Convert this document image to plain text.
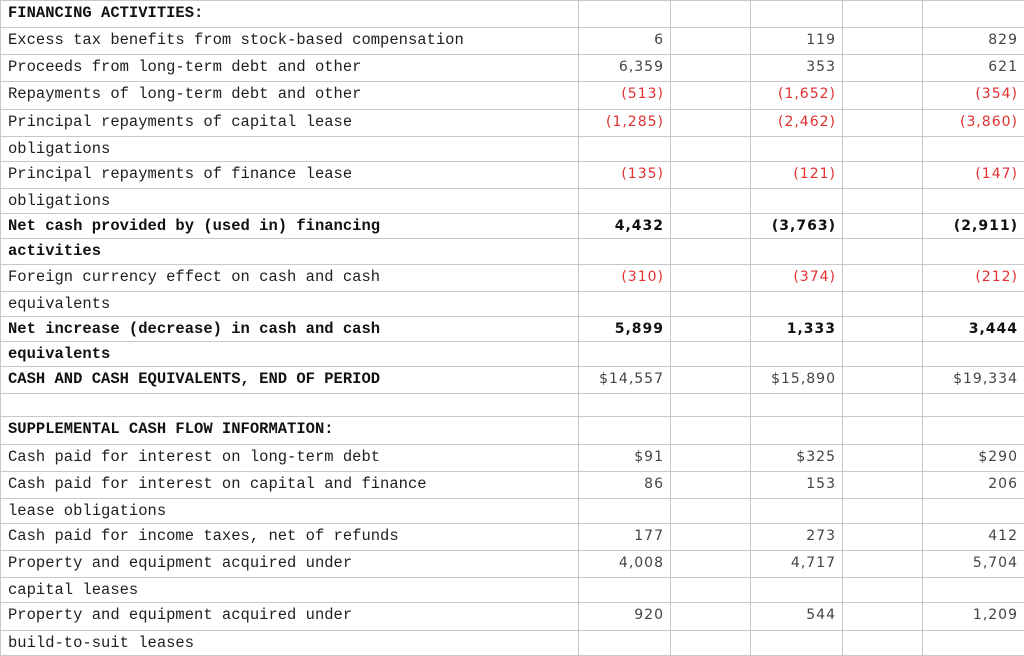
FINANCING ACTIVITIES:					
Excess tax benefits from stock-based compensation	6		119		829
Proceeds from long-term debt and other	6,359		353		621
Repayments of long-term debt and other	(513)		(1,652)		(354)
Principal repayments of capital lease	(1,285)		(2,462)		(3,860)
obligations					
Principal repayments of finance lease	(135)		(121)		(147)
obligations					
Net cash provided by (used in) financing	4,432		(3,763)		(2,911)
activities					
Foreign currency effect on cash and cash	(310)		(374)		(212)
equivalents					
Net increase (decrease) in cash and cash	5,899		1,333		3,444
equivalents					
CASH AND CASH EQUIVALENTS, END OF PERIOD	$14,557		$15,890		$19,334

SUPPLEMENTAL CASH FLOW INFORMATION:					
Cash paid for interest on long-term debt	$91		$325		$290
Cash paid for interest on capital and finance	86		153		206
lease obligations					
Cash paid for income taxes, net of refunds	177		273		412
Property and equipment acquired under	4,008		4,717		5,704
capital leases					
Property and equipment acquired under	920		544		1,209
build-to-suit leases					
